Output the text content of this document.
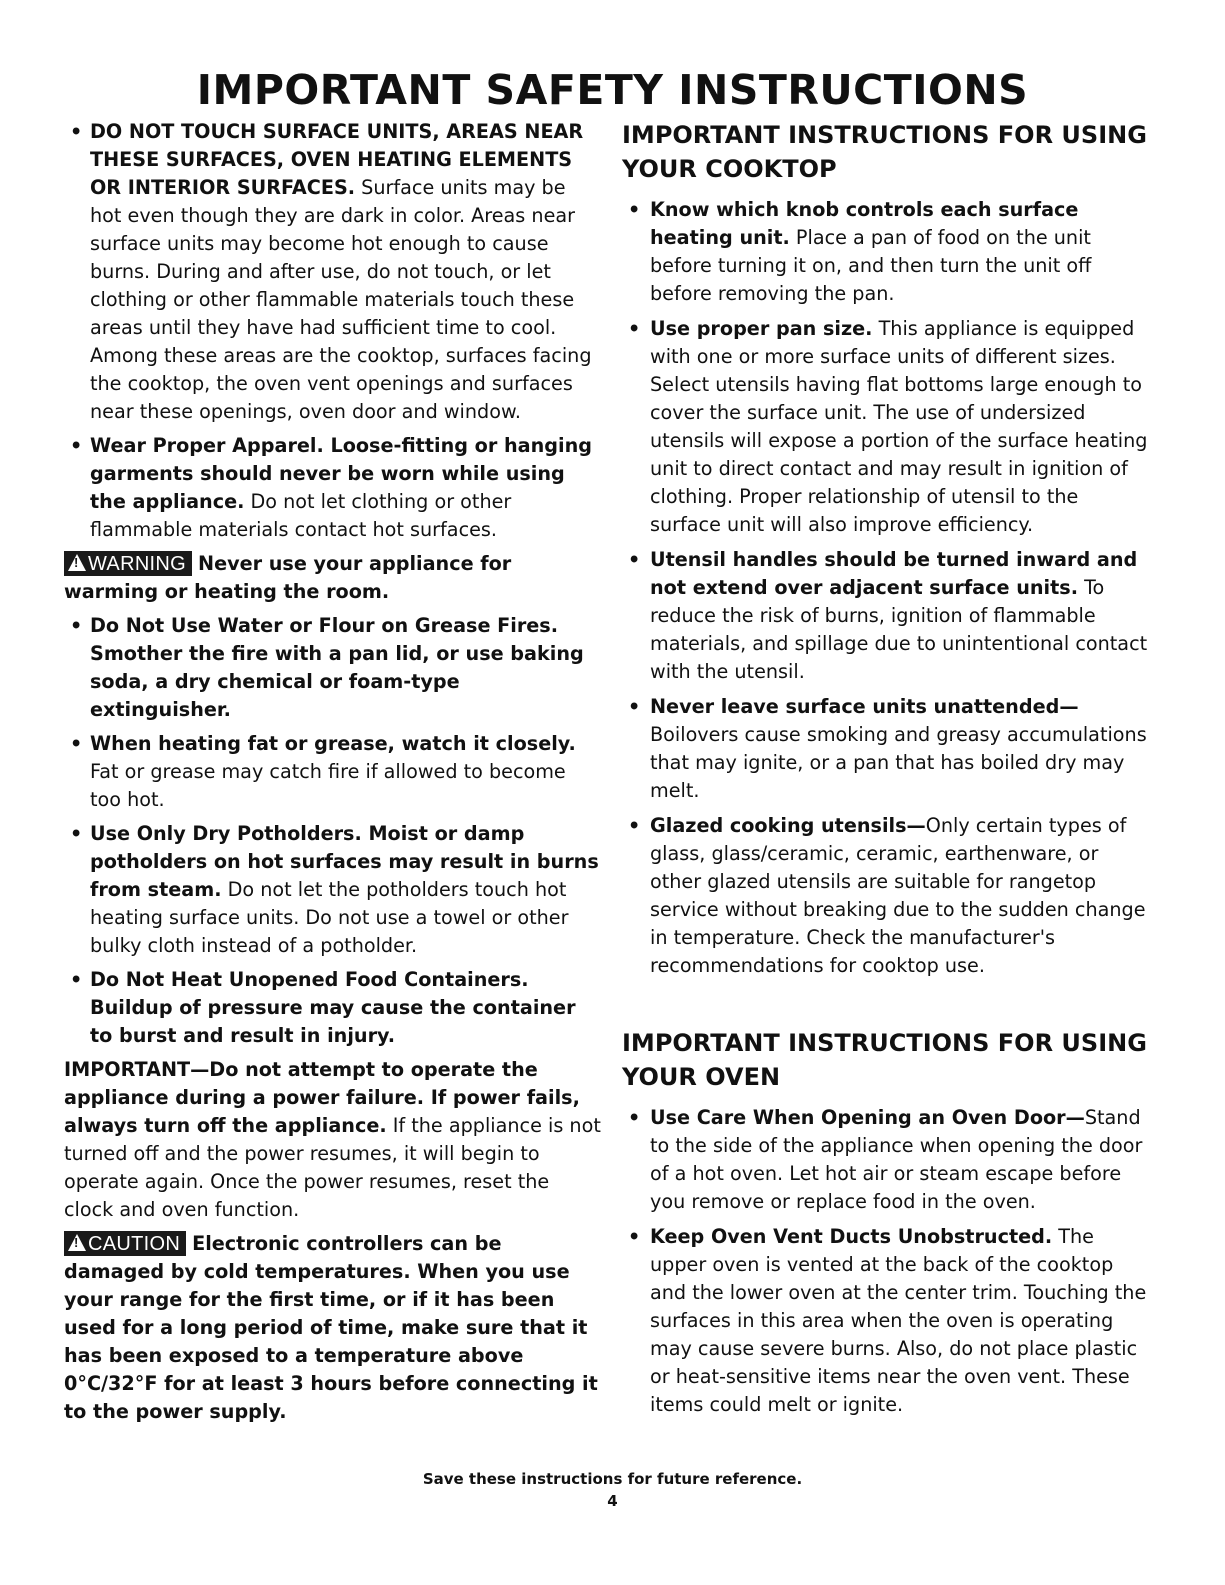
IMPORTANT SAFETY INSTRUCTIONS
• DO NOT TOUCH SURFACE UNITS, AREAS NEAR THESE SURFACES, OVEN HEATING ELEMENTS OR INTERIOR SURFACES. Surface units may be hot even though they are dark in color. Areas near surface units may become hot enough to cause burns. During and after use, do not touch, or let clothing or other flammable materials touch these areas until they have had sufficient time to cool. Among these areas are the cooktop, surfaces facing the cooktop, the oven vent openings and surfaces near these openings, oven door and window.
• Wear Proper Apparel. Loose-fitting or hanging garments should never be worn while using the appliance. Do not let clothing or other flammable materials contact hot surfaces.

!WARNING Never use your appliance for warming or heating the room.

• Do Not Use Water or Flour on Grease Fires. Smother the fire with a pan lid, or use baking soda, a dry chemical or foam-type extinguisher.
• When heating fat or grease, watch it closely. Fat or grease may catch fire if allowed to become too hot.
• Use Only Dry Potholders. Moist or damp potholders on hot surfaces may result in burns from steam. Do not let the potholders touch hot heating surface units. Do not use a towel or other bulky cloth instead of a potholder.
• Do Not Heat Unopened Food Containers. Buildup of pressure may cause the container to burst and result in injury.

IMPORTANT—Do not attempt to operate the appliance during a power failure. If power fails, always turn off the appliance. If the appliance is not turned off and the power resumes, it will begin to operate again. Once the power resumes, reset the clock and oven function.

!CAUTION Electronic controllers can be damaged by cold temperatures. When you use your range for the first time, or if it has been used for a long period of time, make sure that it has been exposed to a temperature above 0°C/32°F for at least 3 hours before connecting it to the power supply.

IMPORTANT INSTRUCTIONS FOR USING YOUR COOKTOP
• Know which knob controls each surface heating unit. Place a pan of food on the unit before turning it on, and then turn the unit off before removing the pan.
• Use proper pan size. This appliance is equipped with one or more surface units of different sizes. Select utensils having flat bottoms large enough to cover the surface unit. The use of undersized utensils will expose a portion of the surface heating unit to direct contact and may result in ignition of clothing. Proper relationship of utensil to the surface unit will also improve efficiency.
• Utensil handles should be turned inward and not extend over adjacent surface units. To reduce the risk of burns, ignition of flammable materials, and spillage due to unintentional contact with the utensil.
• Never leave surface units unattended— Boilovers cause smoking and greasy accumulations that may ignite, or a pan that has boiled dry may melt.
• Glazed cooking utensils—Only certain types of glass, glass/ceramic, ceramic, earthenware, or other glazed utensils are suitable for rangetop service without breaking due to the sudden change in temperature. Check the manufacturer's recommendations for cooktop use.
IMPORTANT INSTRUCTIONS FOR USING YOUR OVEN
• Use Care When Opening an Oven Door—Stand to the side of the appliance when opening the door of a hot oven. Let hot air or steam escape before you remove or replace food in the oven.
• Keep Oven Vent Ducts Unobstructed. The upper oven is vented at the back of the cooktop and the lower oven at the center trim. Touching the surfaces in this area when the oven is operating may cause severe burns. Also, do not place plastic or heat-sensitive items near the oven vent. These items could melt or ignite.
Save these instructions for future reference.
4
